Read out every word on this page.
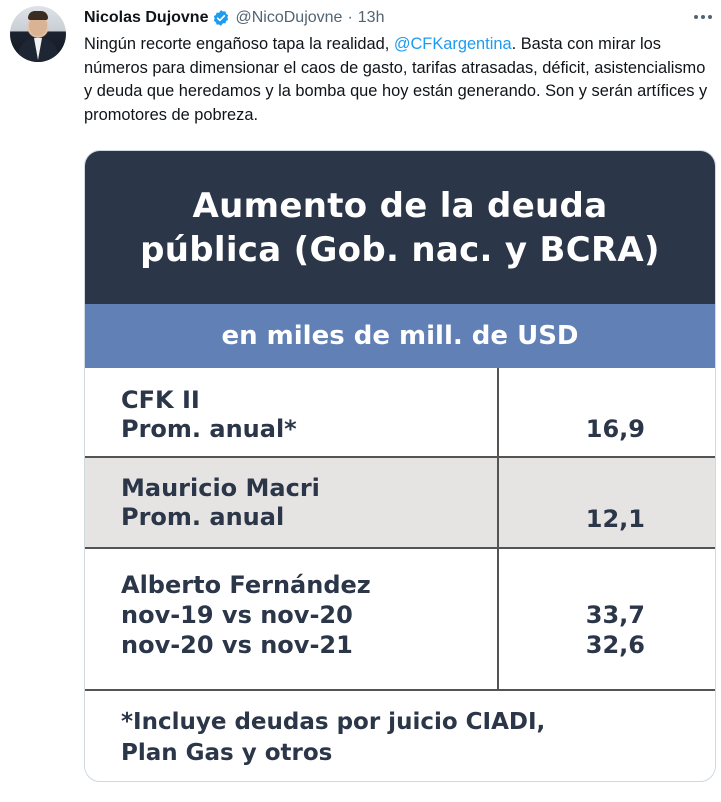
Nicolas Dujovne @NicoDujovne · 13h
Ningún recorte engañoso tapa la realidad, @CFKargentina. Basta con mirar los números para dimensionar el caos de gasto, tarifas atrasadas, déficit, asistencialismo y deuda que heredamos y la bomba que hoy están generando. Son y serán artífices y promotores de pobreza.
Aumento de la deuda
pública (Gob. nac. y BCRA)
en miles de mill. de USD
CFK II
Prom. anual*	16,9
Mauricio Macri
Prom. anual	12,1
Alberto Fernández
nov-19 vs nov-20
nov-20 vs nov-21
33,7
32,6
*Incluye deudas por juicio CIADI,
Plan Gas y otros
